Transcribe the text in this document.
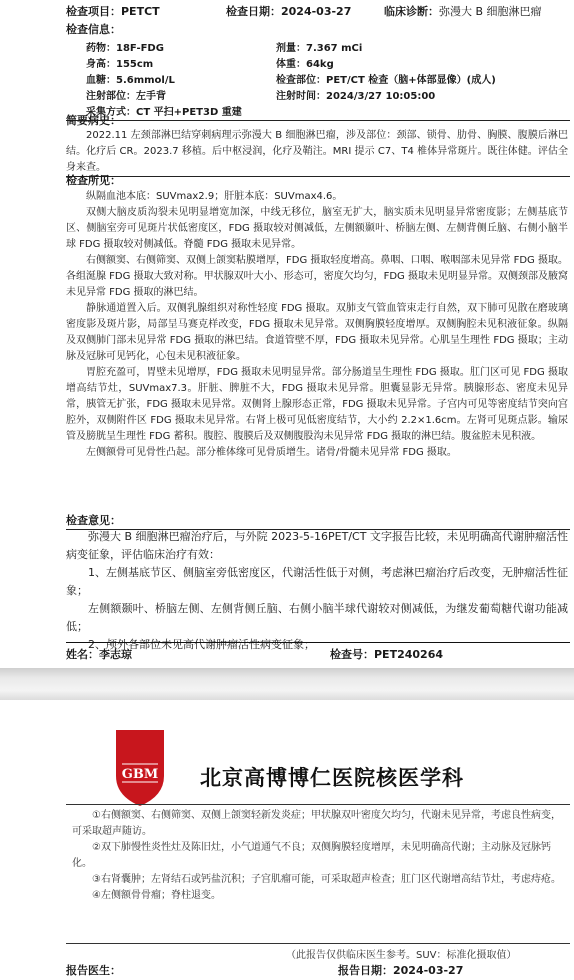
检查项目：PETCT	检查日期：2024-03-27	临床诊断：弥漫大 B 细胞淋巴瘤
检查信息：
药物：18F-FDG	剂量：7.367 mCi
身高：155cm	体重：64kg
血糖：5.6mmol/L	检查部位：PET/CT 检查（脑+体部显像）(成人)
注射部位：左手背	注射时间：2024/3/27 10:05:00
采集方式：CT 平扫+PET3D 重建
简要病史：

2022.11 左颈部淋巴结穿刺病理示弥漫大 B 细胞淋巴瘤，涉及部位：颈部、锁骨、肋骨、胸膜、腹膜后淋巴结。化疗后 CR。2023.7 移植。后中枢浸润，化疗及鞘注。MRI 提示 C7、T4 椎体异常斑片。既往体健。评估全身来查。

检查所见：

纵隔血池本底：SUVmax2.9；肝脏本底：SUVmax4.6。

双侧大脑皮质沟裂未见明显增宽加深，中线无移位，脑室无扩大，脑实质未见明显异常密度影；左侧基底节区、侧脑室旁可见斑片状低密度区，FDG 摄取较对侧减低，左侧额颞叶、桥脑左侧、左侧背侧丘脑、右侧小脑半球 FDG 摄取较对侧减低。脊髓 FDG 摄取未见异常。

右侧额窦、右侧筛窦、双侧上颌窦粘膜增厚，FDG 摄取轻度增高。鼻咽、口咽、喉咽部未见异常 FDG 摄取。各组涎腺 FDG 摄取大致对称。甲状腺双叶大小、形态可，密度欠均匀，FDG 摄取未见明显异常。双侧颈部及腋窝未见异常 FDG 摄取的淋巴结。

静脉通道置入后。双侧乳腺组织对称性轻度 FDG 摄取。双肺支气管血管束走行自然，双下肺可见散在磨玻璃密度影及斑片影，局部呈马赛克样改变，FDG 摄取未见异常。双侧胸膜轻度增厚。双侧胸腔未见积液征象。纵隔及双侧肺门部未见异常 FDG 摄取的淋巴结。食道管壁不厚，FDG 摄取未见异常。心肌呈生理性 FDG 摄取；主动脉及冠脉可见钙化，心包未见积液征象。

胃腔充盈可，胃壁未见增厚，FDG 摄取未见明显异常。部分肠道呈生理性 FDG 摄取。肛门区可见 FDG 摄取增高结节灶，SUVmax7.3。肝脏、脾脏不大，FDG 摄取未见异常。胆囊显影无异常。胰腺形态、密度未见异常，胰管无扩张，FDG 摄取未见异常。双侧肾上腺形态正常，FDG 摄取未见异常。子宫内可见等密度结节突向宫腔外，双侧附件区 FDG 摄取未见异常。右肾上极可见低密度结节，大小约 2.2×1.6cm。左肾可见斑点影。输尿管及膀胱呈生理性 FDG 蓄积。腹腔、腹膜后及双侧腹股沟未见异常 FDG 摄取的淋巴结。腹盆腔未见积液。

左侧额骨可见骨性凸起。部分椎体缘可见骨质增生。诸骨/骨髓未见异常 FDG 摄取。

检查意见：

弥漫大 B 细胞淋巴瘤治疗后，与外院 2023-5-16PET/CT 文字报告比较，未见明确高代谢肿瘤活性病变征象，评估临床治疗有效：

1、左侧基底节区、侧脑室旁低密度区，代谢活性低于对侧，考虑淋巴瘤治疗后改变，无肿瘤活性征象；

左侧额颞叶、桥脑左侧、左侧背侧丘脑、右侧小脑半球代谢较对侧减低，为继发葡萄糖代谢功能减低；

2、颅外各部位未见高代谢肿瘤活性病变征象；

姓名：李志琼	检查号：PET240264
GBM 北京高博博仁医院核医学科

①右侧额窦、右侧筛窦、双侧上颌窦轻新发炎症；甲状腺双叶密度欠均匀，代谢未见异常，考虑良性病变，可采取超声随访。

②双下肺慢性炎性灶及陈旧灶，小气道通气不良；双侧胸膜轻度增厚，未见明确高代谢；主动脉及冠脉钙化。

③右肾囊肿；左肾结石或钙盐沉积；子宫肌瘤可能，可采取超声检查；肛门区代谢增高结节灶，考虑痔疮。

④左侧额骨骨瘤；脊柱退变。

（此报告仅供临床医生参考。SUV：标准化摄取值）
报告医生：	报告日期：2024-03-27
